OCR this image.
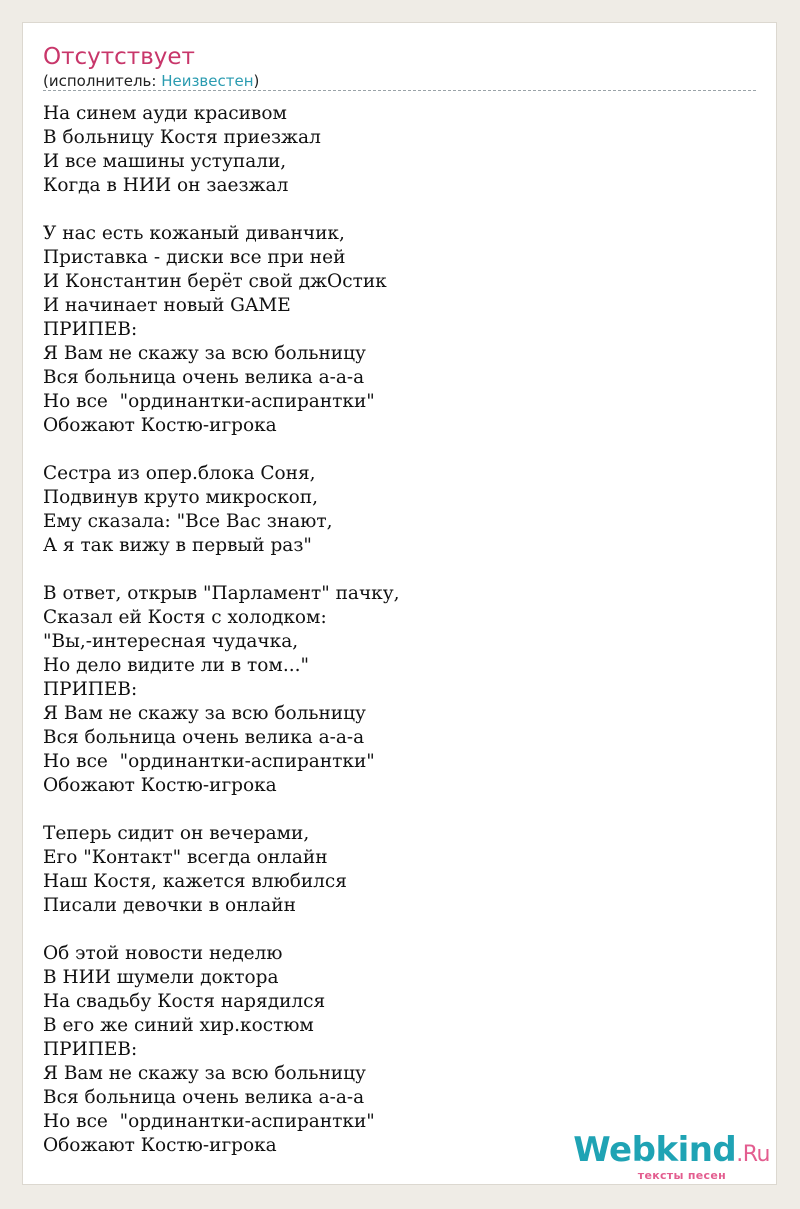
Отсутствует
(исполнитель: Неизвестен)
На синем ауди красивом
В больницу Костя приезжал
И все машины уступали,
Когда в НИИ он заезжал
У нас есть кожаный диванчик,
Приставка - диски все при ней
И Константин берёт свой джОстик
И начинает новый GAME
ПРИПЕВ:
Я Вам не скажу за всю больницу
Вся больница очень велика а-а-а
Но все  "ординантки-аспирантки"
Обожают Костю-игрока
Сестра из опер.блока Соня,
Подвинув круто микроскоп,
Ему сказала: "Все Вас знают,
А я так вижу в первый раз"
В ответ, открыв "Парламент" пачку,
Сказал ей Костя с холодком:
"Вы,-интересная чудачка,
Но дело видите ли в том..."
ПРИПЕВ:
Я Вам не скажу за всю больницу
Вся больница очень велика а-а-а
Но все  "ординантки-аспирантки"
Обожают Костю-игрока
Теперь сидит он вечерами,
Его "Контакт" всегда онлайн
Наш Костя, кажется влюбился
Писали девочки в онлайн
Об этой новости неделю
В НИИ шумели доктора
На свадьбу Костя нарядился
В его же синий хир.костюм
ПРИПЕВ:
Я Вам не скажу за всю больницу
Вся больница очень велика а-а-а
Но все  "ординантки-аспирантки"
Обожают Костю-игрока	Webkind.Ru
тексты песен
